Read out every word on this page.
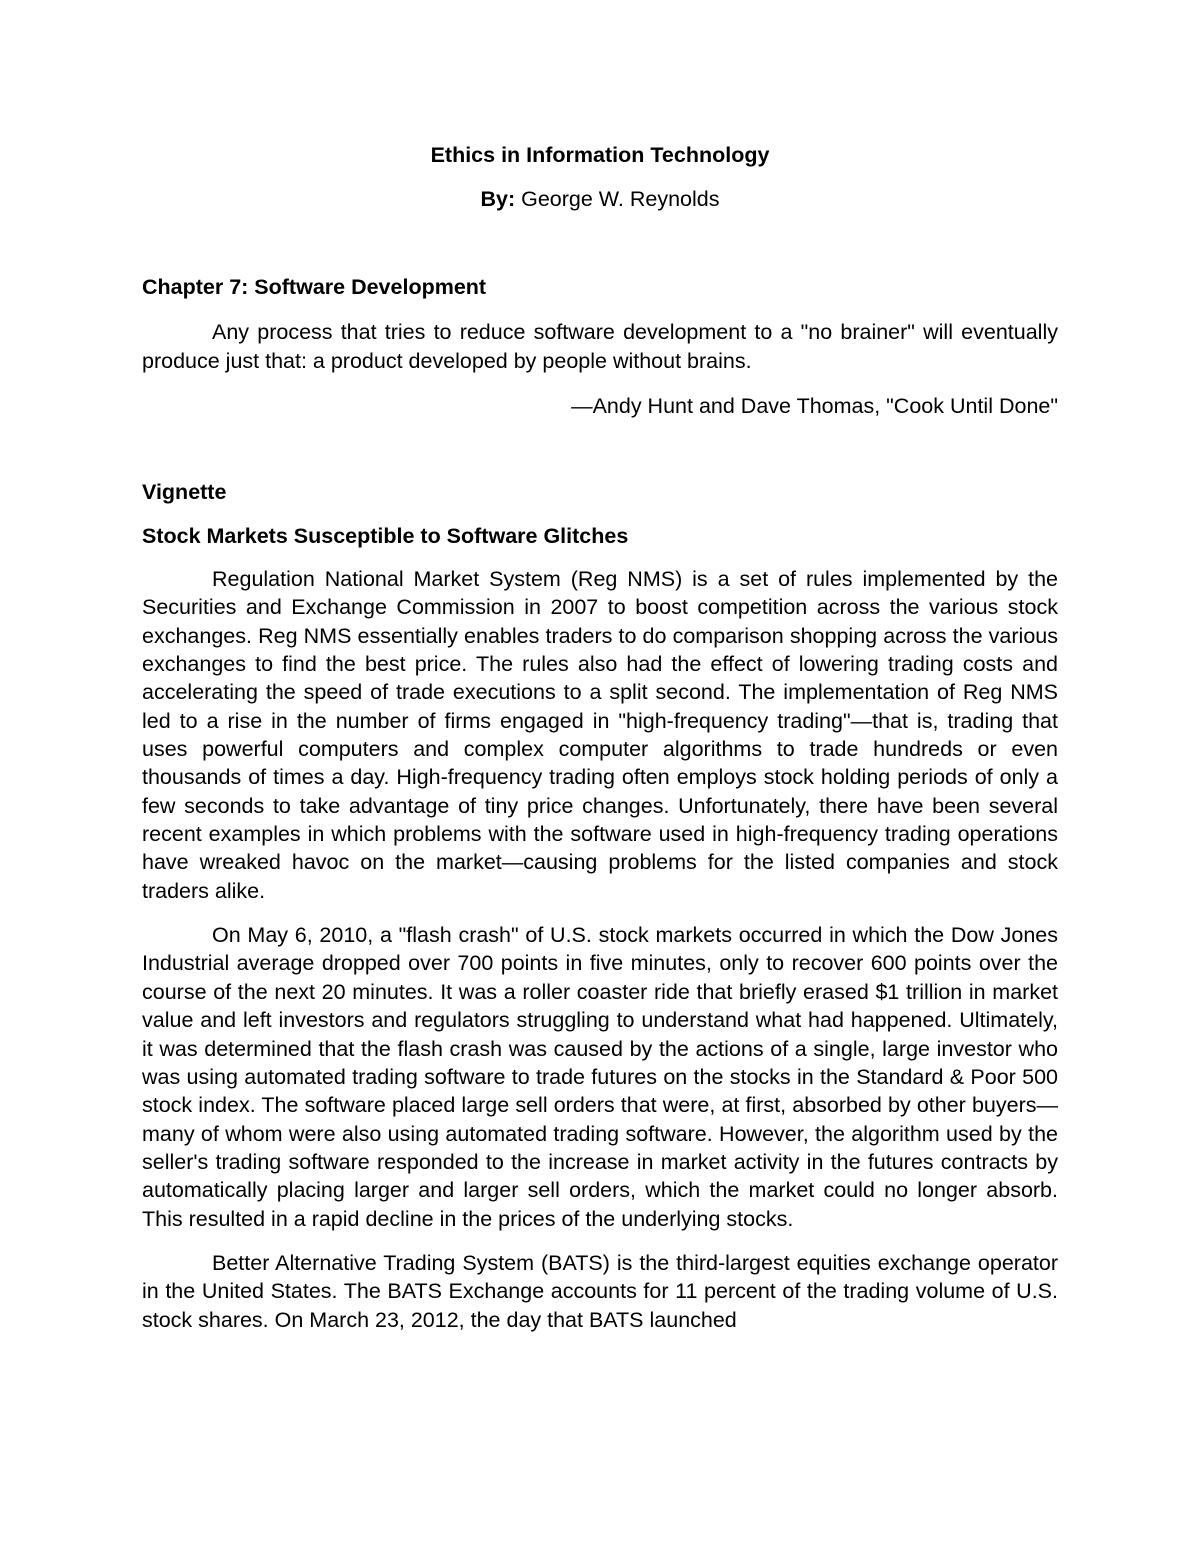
Ethics in Information Technology

By: George W. Reynolds

Chapter 7: Software Development

Any process that tries to reduce software development to a "no brainer" will eventually produce just that: a product developed by people without brains.

—Andy Hunt and Dave Thomas, "Cook Until Done"

Vignette

Stock Markets Susceptible to Software Glitches

Regulation National Market System (Reg NMS) is a set of rules implemented by the Securities and Exchange Commission in 2007 to boost competition across the various stock exchanges. Reg NMS essentially enables traders to do comparison shopping across the various exchanges to find the best price. The rules also had the effect of lowering trading costs and accelerating the speed of trade executions to a split second. The implementation of Reg NMS led to a rise in the number of firms engaged in "high-frequency trading"—that is, trading that uses powerful computers and complex computer algorithms to trade hundreds or even thousands of times a day. High-frequency trading often employs stock holding periods of only a few seconds to take advantage of tiny price changes. Unfortunately, there have been several recent examples in which problems with the software used in high-frequency trading operations have wreaked havoc on the market—causing problems for the listed companies and stock traders alike.

On May 6, 2010, a "flash crash" of U.S. stock markets occurred in which the Dow Jones Industrial average dropped over 700 points in five minutes, only to recover 600 points over the course of the next 20 minutes. It was a roller coaster ride that briefly erased $1 trillion in market value and left investors and regulators struggling to understand what had happened. Ultimately, it was determined that the flash crash was caused by the actions of a single, large investor who was using automated trading software to trade futures on the stocks in the Standard & Poor 500 stock index. The software placed large sell orders that were, at first, absorbed by other buyers—many of whom were also using automated trading software. However, the algorithm used by the seller's trading software responded to the increase in market activity in the futures contracts by automatically placing larger and larger sell orders, which the market could no longer absorb. This resulted in a rapid decline in the prices of the underlying stocks.

Better Alternative Trading System (BATS) is the third-largest equities exchange operator in the United States. The BATS Exchange accounts for 11 percent of the trading volume of U.S. stock shares. On March 23, 2012, the day that BATS launched
